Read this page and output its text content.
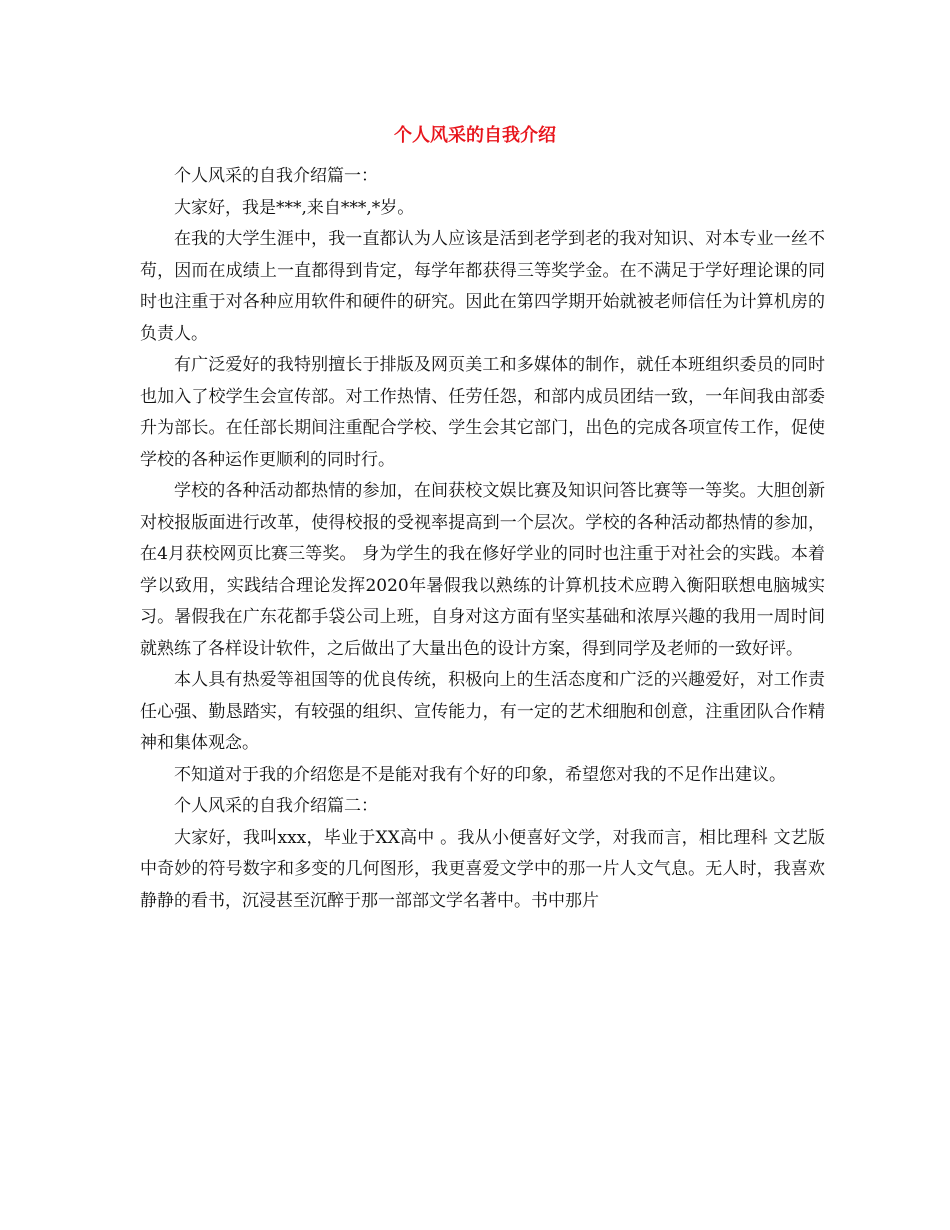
个人风采的自我介绍

个人风采的自我介绍篇一：

大家好，我是***,来自***,*岁。

在我的大学生涯中，我一直都认为人应该是活到老学到老的我对知识、对本专业一丝不苟，因而在成绩上一直都得到肯定，每学年都获得三等奖学金。在不满足于学好理论课的同时也注重于对各种应用软件和硬件的研究。因此在第四学期开始就被老师信任为计算机房的负责人。

有广泛爱好的我特别擅长于排版及网页美工和多媒体的制作，就任本班组织委员的同时也加入了校学生会宣传部。对工作热情、任劳任怨，和部内成员团结一致，一年间我由部委升为部长。在任部长期间注重配合学校、学生会其它部门，出色的完成各项宣传工作，促使学校的各种运作更顺利的同时行。

学校的各种活动都热情的参加，在间获校文娱比赛及知识问答比赛等一等奖。大胆创新对校报版面进行改革，使得校报的受视率提高到一个层次。学校的各种活动都热情的参加，在4月获校网页比赛三等奖。 身为学生的我在修好学业的同时也注重于对社会的实践。本着学以致用，实践结合理论发挥2020年暑假我以熟练的计算机技术应聘入衡阳联想电脑城实习。暑假我在广东花都手袋公司上班，自身对这方面有坚实基础和浓厚兴趣的我用一周时间就熟练了各样设计软件，之后做出了大量出色的设计方案，得到同学及老师的一致好评。

本人具有热爱等祖国等的优良传统，积极向上的生活态度和广泛的兴趣爱好，对工作责任心强、勤恳踏实，有较强的组织、宣传能力，有一定的艺术细胞和创意，注重团队合作精神和集体观念。

不知道对于我的介绍您是不是能对我有个好的印象，希望您对我的不足作出建议。

个人风采的自我介绍篇二：

大家好，我叫xxx，毕业于XX高中 。我从小便喜好文学，对我而言，相比理科 文艺版 中奇妙的符号数字和多变的几何图形，我更喜爱文学中的那一片人文气息。无人时，我喜欢静静的看书，沉浸甚至沉醉于那一部部文学名著中。书中那片
